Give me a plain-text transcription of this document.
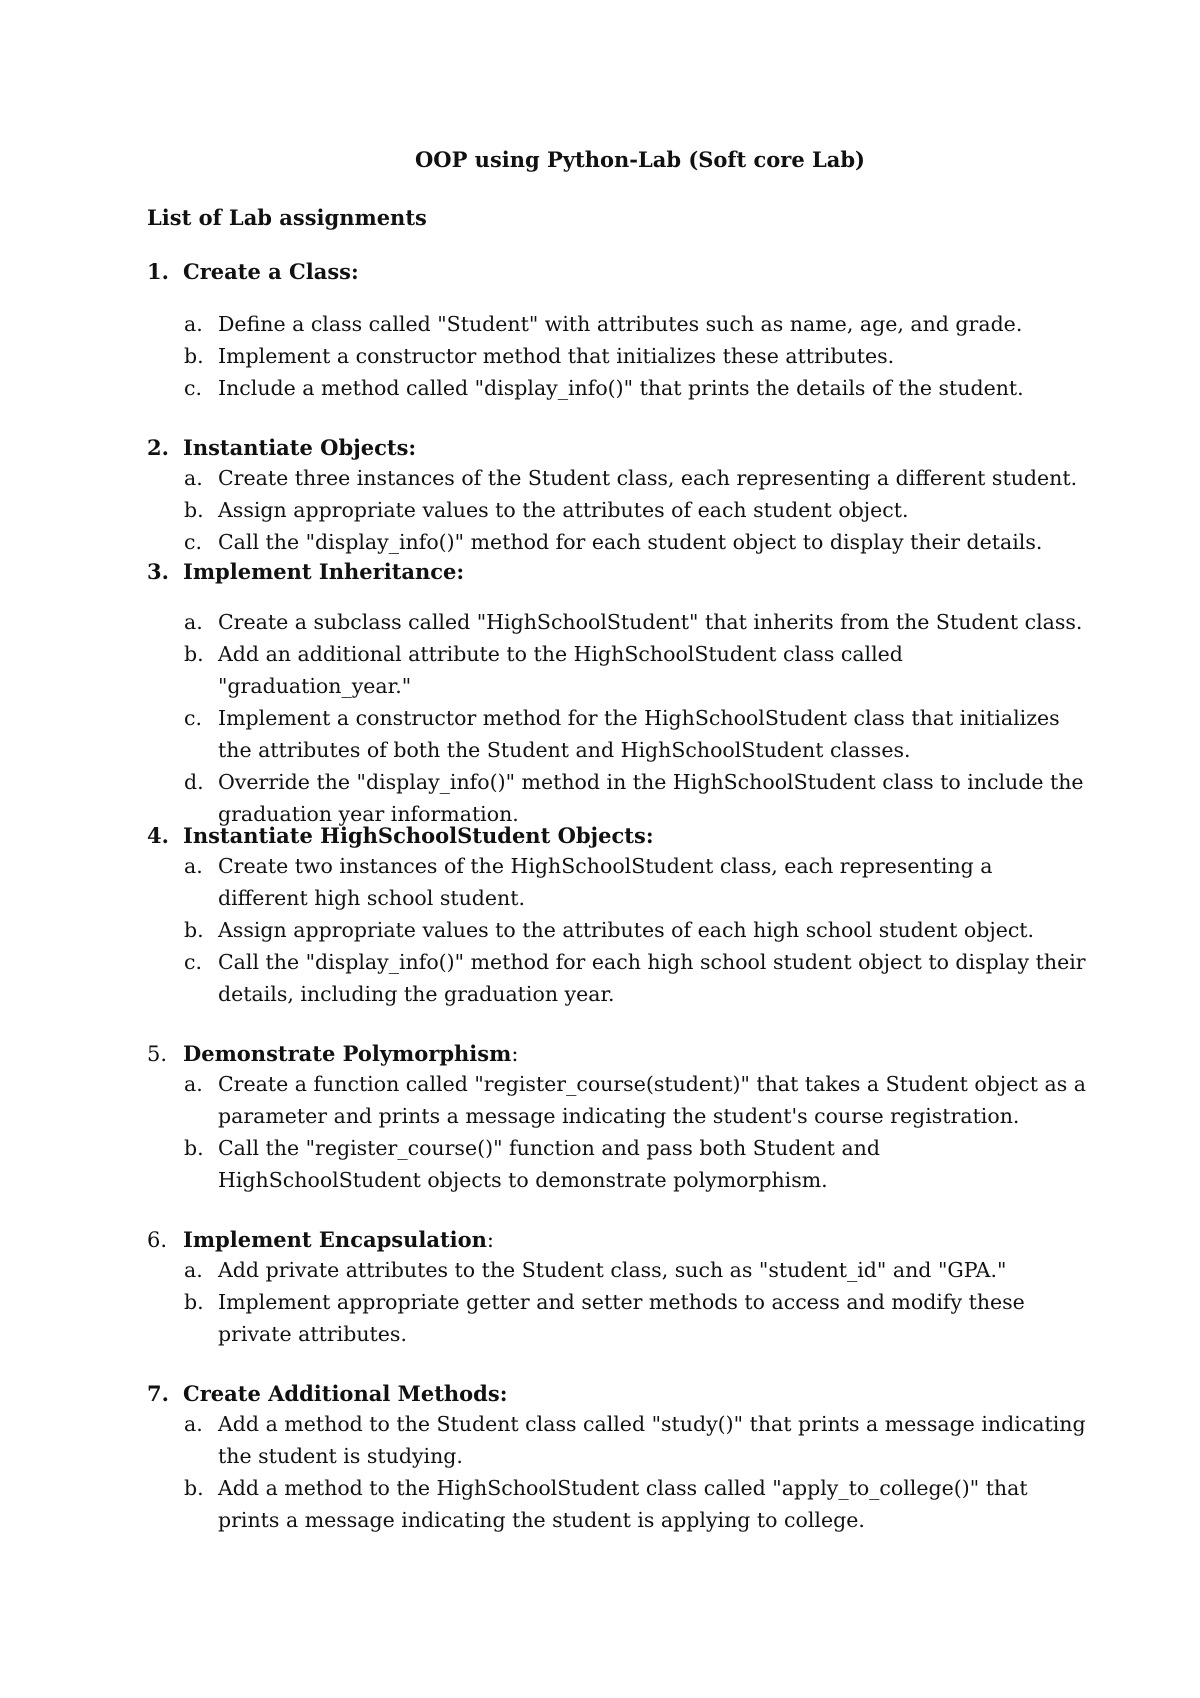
OOP using Python-Lab (Soft core Lab)
List of Lab assignments
1. Create a Class:
a. Define a class called "Student" with attributes such as name, age, and grade.
b. Implement a constructor method that initializes these attributes.
c. Include a method called "display_info()" that prints the details of the student.
2. Instantiate Objects:
a. Create three instances of the Student class, each representing a different student.
b. Assign appropriate values to the attributes of each student object.
c. Call the "display_info()" method for each student object to display their details.
3. Implement Inheritance:
a. Create a subclass called "HighSchoolStudent" that inherits from the Student class.
b. Add an additional attribute to the HighSchoolStudent class called "graduation_year."
c. Implement a constructor method for the HighSchoolStudent class that initializes the attributes of both the Student and HighSchoolStudent classes.
d. Override the "display_info()" method in the HighSchoolStudent class to include the graduation year information.
4. Instantiate HighSchoolStudent Objects:
a. Create two instances of the HighSchoolStudent class, each representing a different high school student.
b. Assign appropriate values to the attributes of each high school student object.
c. Call the "display_info()" method for each high school student object to display their details, including the graduation year.
5. Demonstrate Polymorphism:
a. Create a function called "register_course(student)" that takes a Student object as a parameter and prints a message indicating the student's course registration.
b. Call the "register_course()" function and pass both Student and HighSchoolStudent objects to demonstrate polymorphism.
6. Implement Encapsulation:
a. Add private attributes to the Student class, such as "student_id" and "GPA."
b. Implement appropriate getter and setter methods to access and modify these private attributes.
7. Create Additional Methods:
a. Add a method to the Student class called "study()" that prints a message indicating the student is studying.
b. Add a method to the HighSchoolStudent class called "apply_to_college()" that prints a message indicating the student is applying to college.
